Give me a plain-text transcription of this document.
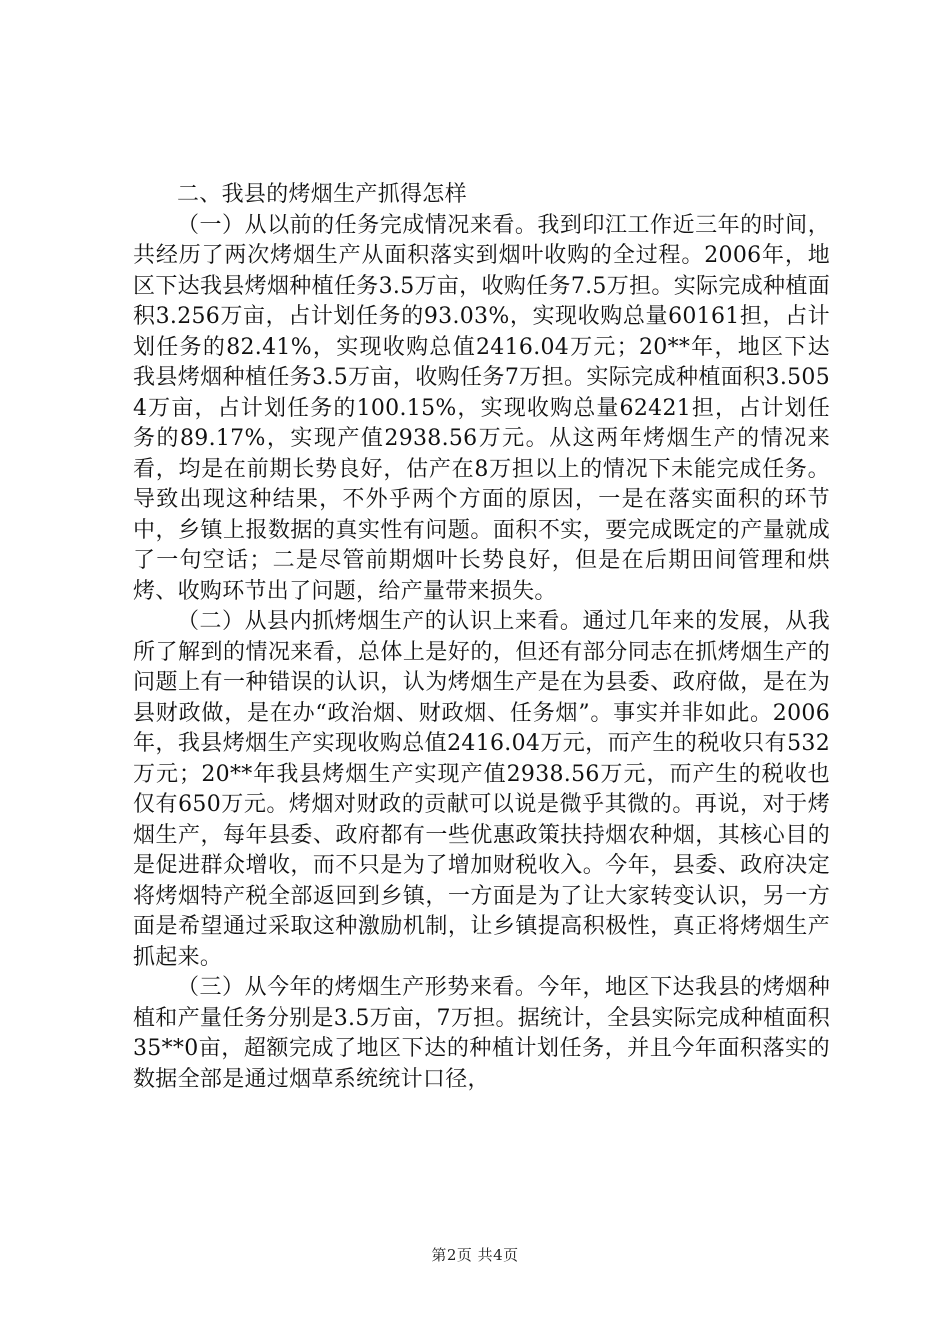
二、我县的烤烟生产抓得怎样

（一）从以前的任务完成情况来看。我到印江工作近三年的时间，共经历了两次烤烟生产从面积落实到烟叶收购的全过程。2006年，地区下达我县烤烟种植任务3.5万亩，收购任务7.5万担。实际完成种植面积3.256万亩，占计划任务的93.03%，实现收购总量60161担，占计划任务的82.41%，实现收购总值2416.04万元；20**年，地区下达我县烤烟种植任务3.5万亩，收购任务7万担。实际完成种植面积3.5054万亩，占计划任务的100.15%，实现收购总量62421担，占计划任务的89.17%，实现产值2938.56万元。从这两年烤烟生产的情况来看，均是在前期长势良好，估产在8万担以上的情况下未能完成任务。导致出现这种结果，不外乎两个方面的原因，一是在落实面积的环节中，乡镇上报数据的真实性有问题。面积不实，要完成既定的产量就成了一句空话；二是尽管前期烟叶长势良好，但是在后期田间管理和烘烤、收购环节出了问题，给产量带来损失。

（二）从县内抓烤烟生产的认识上来看。通过几年来的发展，从我所了解到的情况来看，总体上是好的，但还有部分同志在抓烤烟生产的问题上有一种错误的认识，认为烤烟生产是在为县委、政府做，是在为县财政做，是在办“政治烟、财政烟、任务烟”。事实并非如此。2006年，我县烤烟生产实现收购总值2416.04万元，而产生的税收只有532万元；20**年我县烤烟生产实现产值2938.56万元，而产生的税收也仅有650万元。烤烟对财政的贡献可以说是微乎其微的。再说，对于烤烟生产，每年县委、政府都有一些优惠政策扶持烟农种烟，其核心目的是促进群众增收，而不只是为了增加财税收入。今年，县委、政府决定将烤烟特产税全部返回到乡镇，一方面是为了让大家转变认识，另一方面是希望通过采取这种激励机制，让乡镇提高积极性，真正将烤烟生产抓起来。

（三）从今年的烤烟生产形势来看。今年，地区下达我县的烤烟种植和产量任务分别是3.5万亩，7万担。据统计，全县实际完成种植面积35**0亩，超额完成了地区下达的种植计划任务，并且今年面积落实的数据全部是通过烟草系统统计口径，

第2页 共4页
